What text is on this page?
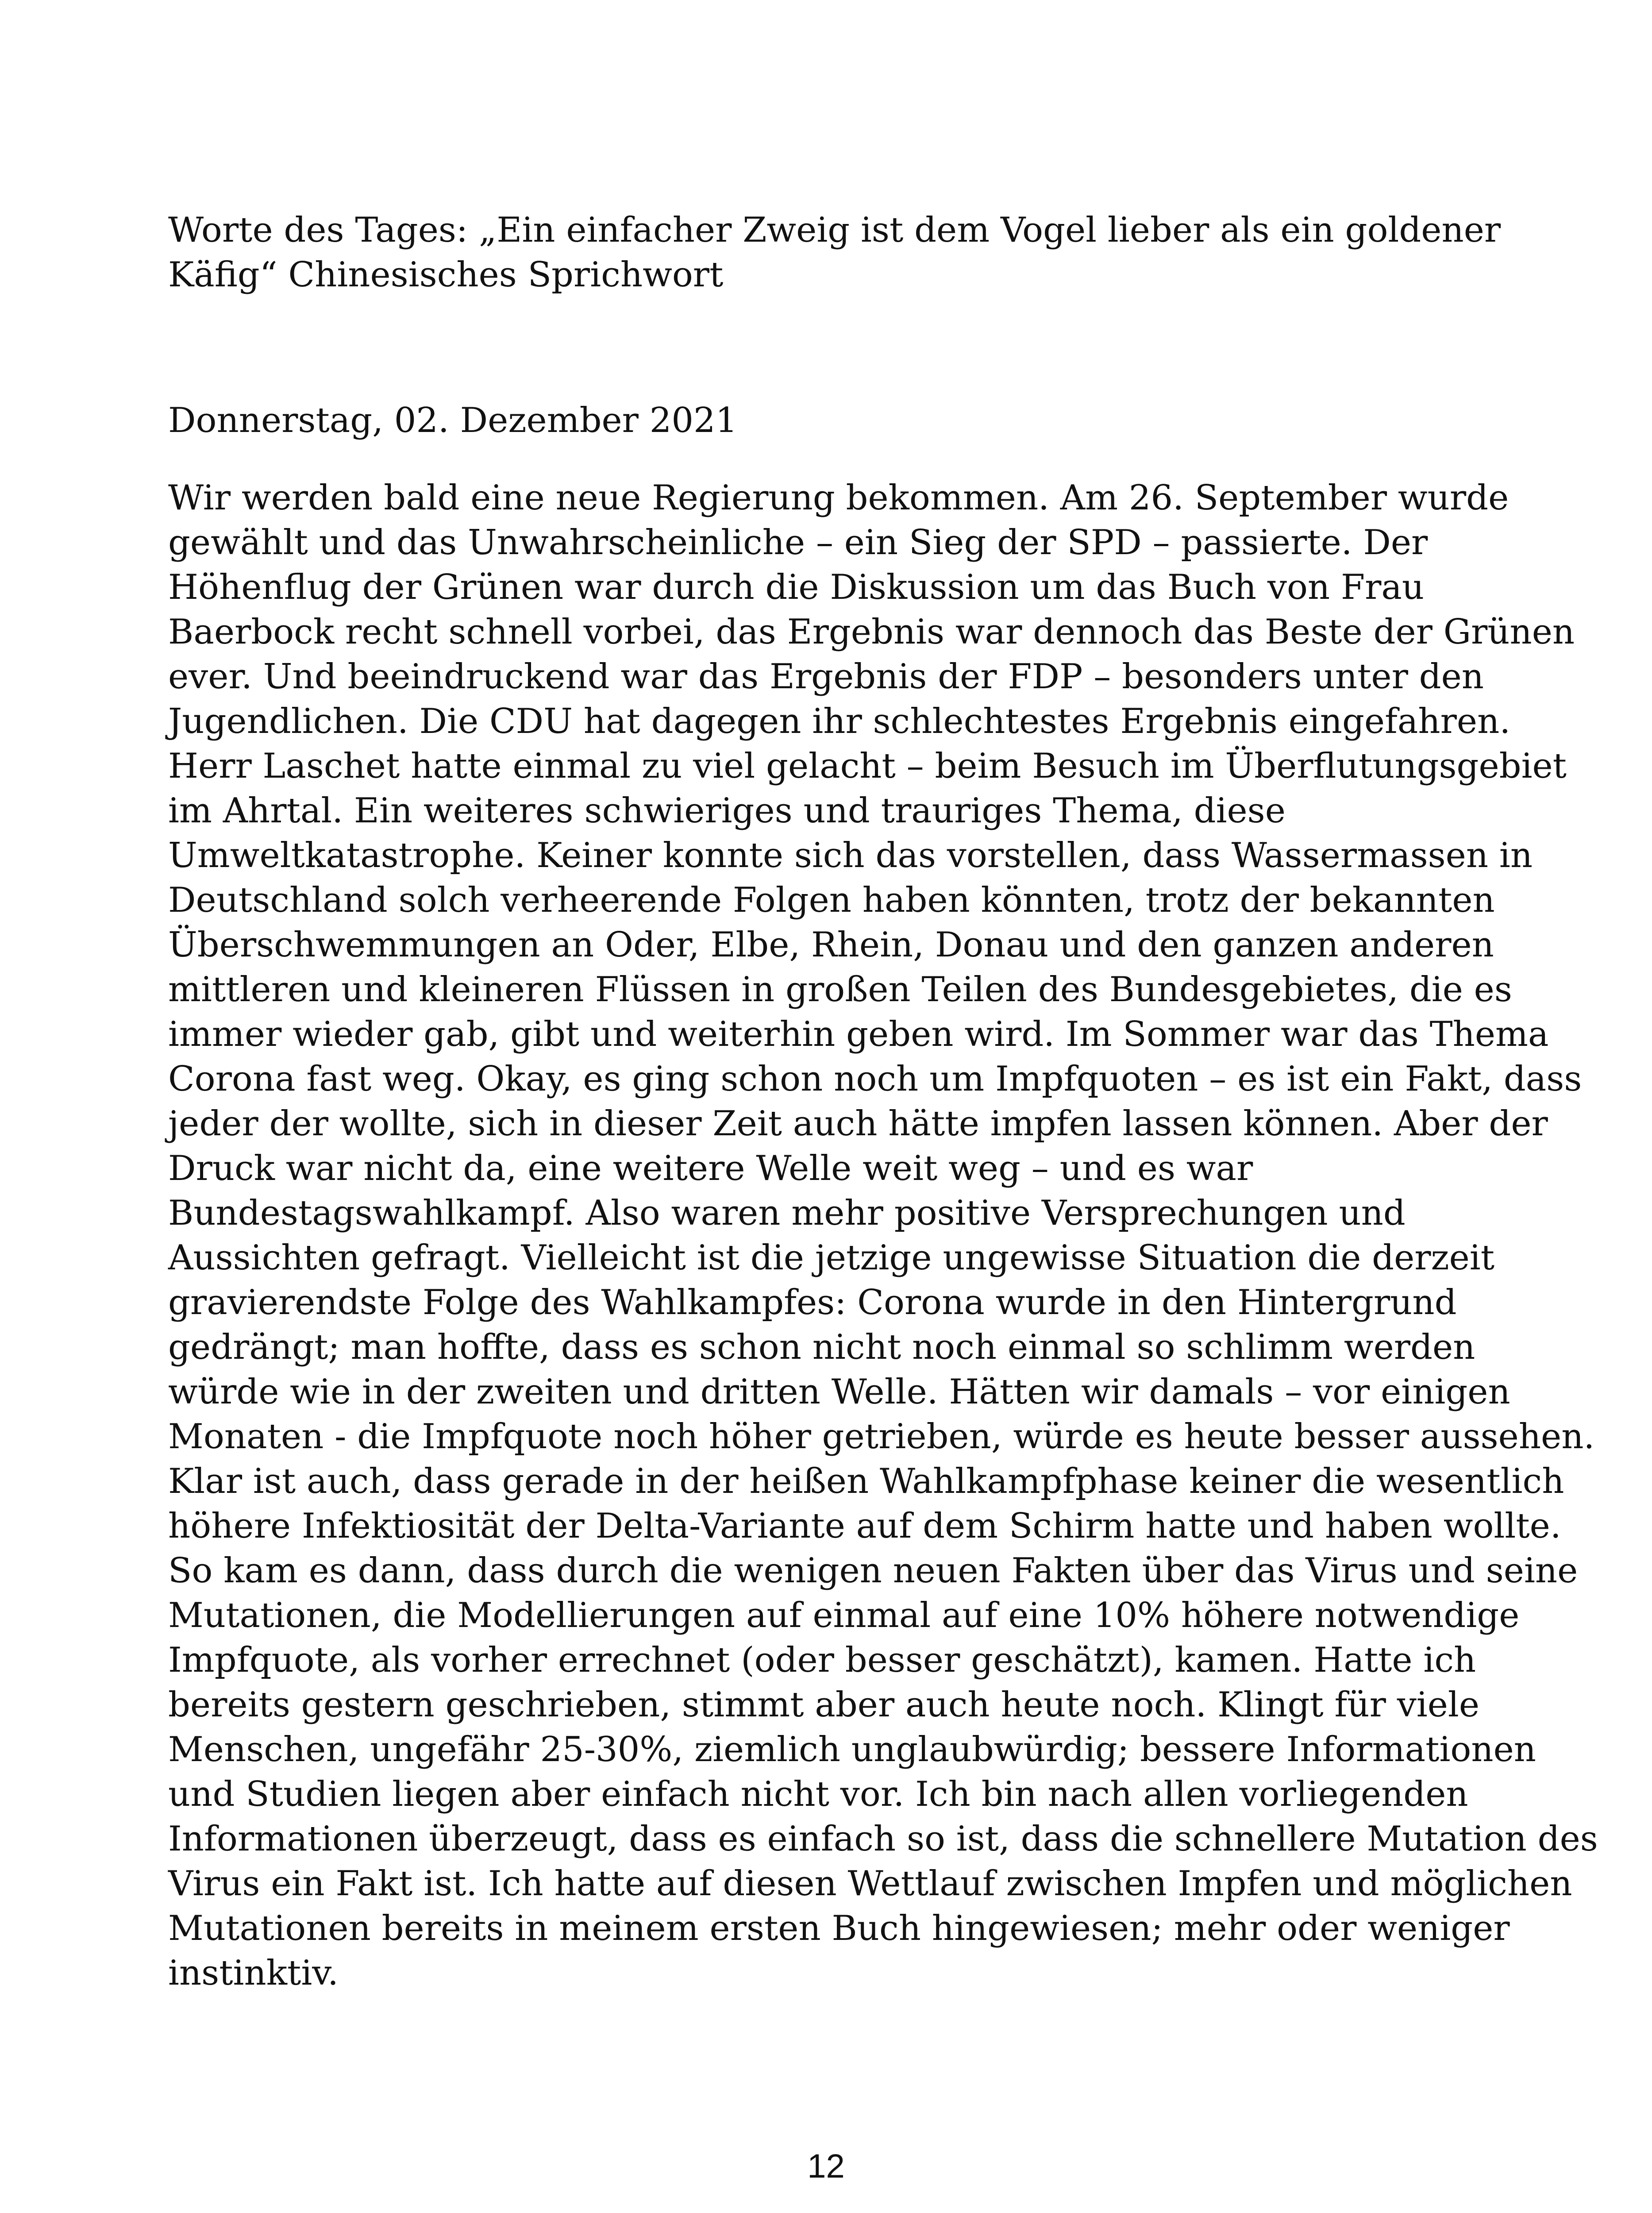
Worte des Tages: „Ein einfacher Zweig ist dem Vogel lieber als ein goldener
Käfig“ Chinesisches Sprichwort

Donnerstag, 02. Dezember 2021

Wir werden bald eine neue Regierung bekommen. Am 26. September wurde
gewählt und das Unwahrscheinliche – ein Sieg der SPD – passierte. Der
Höhenflug der Grünen war durch die Diskussion um das Buch von Frau
Baerbock recht schnell vorbei, das Ergebnis war dennoch das Beste der Grünen
ever. Und beeindruckend war das Ergebnis der FDP – besonders unter den
Jugendlichen. Die CDU hat dagegen ihr schlechtestes Ergebnis eingefahren.
Herr Laschet hatte einmal zu viel gelacht – beim Besuch im Überflutungsgebiet
im Ahrtal. Ein weiteres schwieriges und trauriges Thema, diese
Umweltkatastrophe. Keiner konnte sich das vorstellen, dass Wassermassen in
Deutschland solch verheerende Folgen haben könnten, trotz der bekannten
Überschwemmungen an Oder, Elbe, Rhein, Donau und den ganzen anderen
mittleren und kleineren Flüssen in großen Teilen des Bundesgebietes, die es
immer wieder gab, gibt und weiterhin geben wird. Im Sommer war das Thema
Corona fast weg. Okay, es ging schon noch um Impfquoten – es ist ein Fakt, dass
jeder der wollte, sich in dieser Zeit auch hätte impfen lassen können. Aber der
Druck war nicht da, eine weitere Welle weit weg – und es war
Bundestagswahlkampf. Also waren mehr positive Versprechungen und
Aussichten gefragt. Vielleicht ist die jetzige ungewisse Situation die derzeit
gravierendste Folge des Wahlkampfes: Corona wurde in den Hintergrund
gedrängt; man hoffte, dass es schon nicht noch einmal so schlimm werden
würde wie in der zweiten und dritten Welle. Hätten wir damals – vor einigen
Monaten - die Impfquote noch höher getrieben, würde es heute besser aussehen.
Klar ist auch, dass gerade in der heißen Wahlkampfphase keiner die wesentlich
höhere Infektiosität der Delta-Variante auf dem Schirm hatte und haben wollte.
So kam es dann, dass durch die wenigen neuen Fakten über das Virus und seine
Mutationen, die Modellierungen auf einmal auf eine 10% höhere notwendige
Impfquote, als vorher errechnet (oder besser geschätzt), kamen. Hatte ich
bereits gestern geschrieben, stimmt aber auch heute noch. Klingt für viele
Menschen, ungefähr 25-30%, ziemlich unglaubwürdig; bessere Informationen
und Studien liegen aber einfach nicht vor. Ich bin nach allen vorliegenden
Informationen überzeugt, dass es einfach so ist, dass die schnellere Mutation des
Virus ein Fakt ist. Ich hatte auf diesen Wettlauf zwischen Impfen und möglichen
Mutationen bereits in meinem ersten Buch hingewiesen; mehr oder weniger
instinktiv.

12
